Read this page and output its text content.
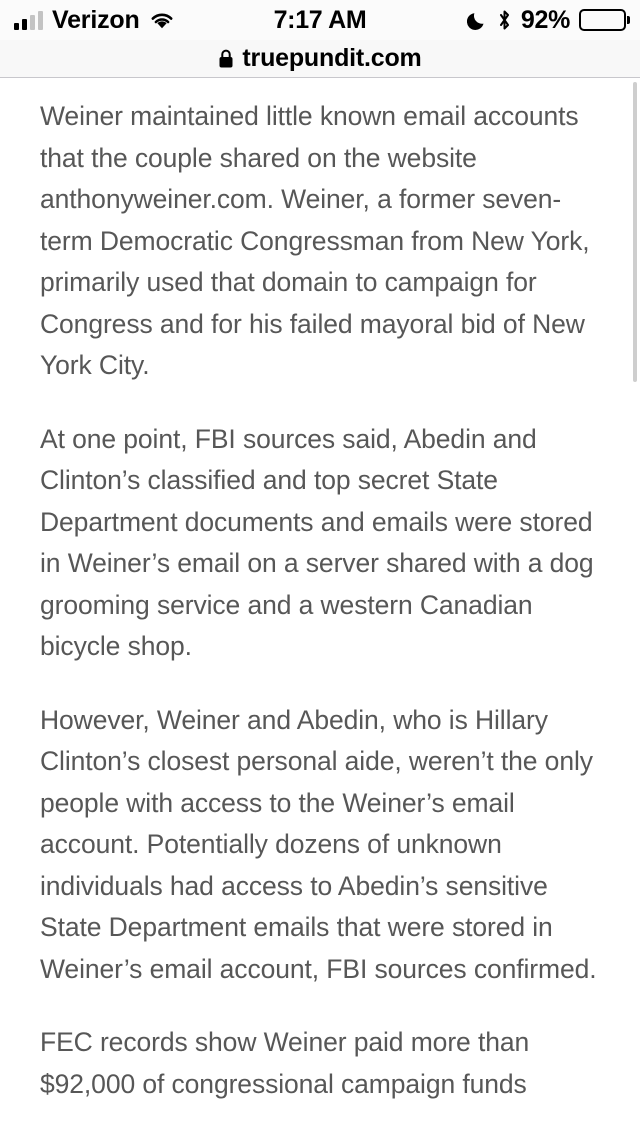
Verizon	7:17 AM	92%
truepundit.com

Weiner maintained little known email accounts that the couple shared on the website anthonyweiner.com. Weiner, a former seven-term Democratic Congressman from New York, primarily used that domain to campaign for Congress and for his failed mayoral bid of New York City.

At one point, FBI sources said, Abedin and Clinton’s classified and top secret State Department documents and emails were stored in Weiner’s email on a server shared with a dog grooming service and a western Canadian bicycle shop.

However, Weiner and Abedin, who is Hillary Clinton’s closest personal aide, weren’t the only people with access to the Weiner’s email account. Potentially dozens of unknown individuals had access to Abedin’s sensitive State Department emails that were stored in Weiner’s email account, FBI sources confirmed.

FEC records show Weiner paid more than $92,000 of congressional campaign funds
